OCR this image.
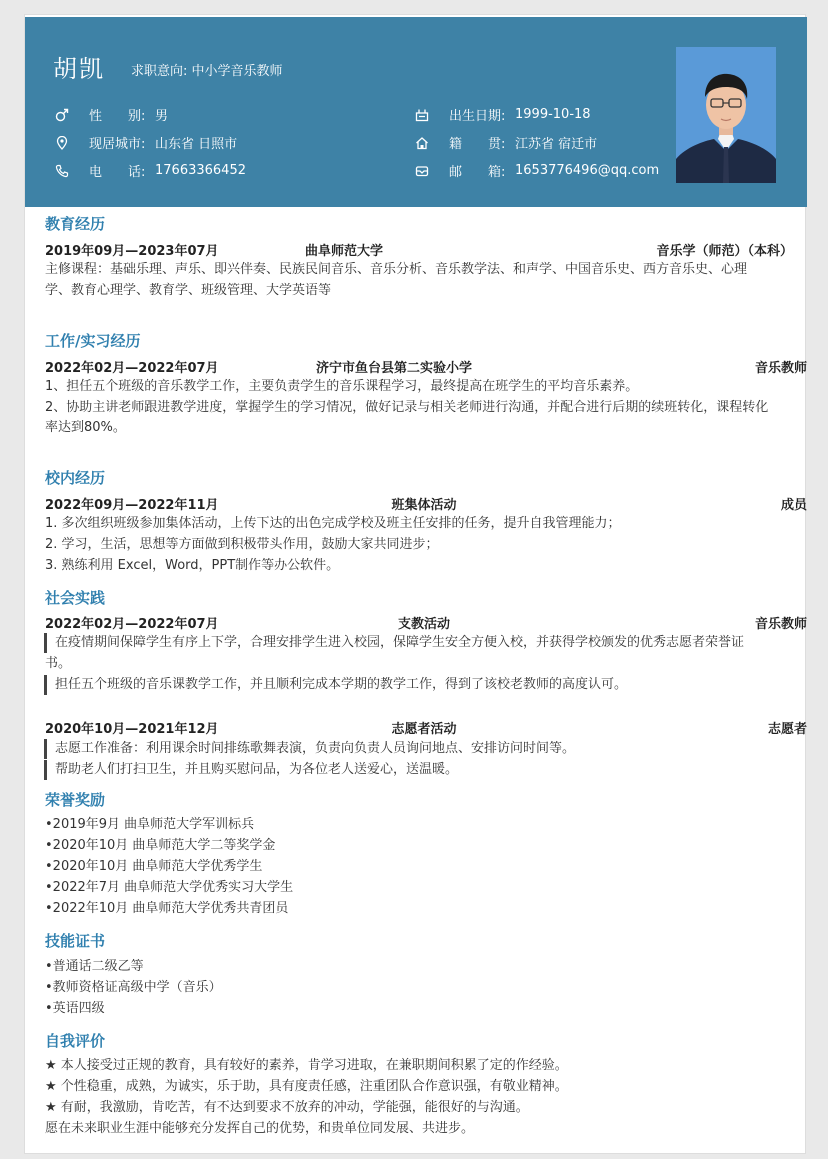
胡凯 求职意向: 中小学音乐教师
性　　别: 男
现居城市: 山东省 日照市
电　　话: 17663366452
出生日期: 1999-10-18
籍　　贯: 江苏省 宿迁市
邮　　箱: 1653776496@qq.com
教育经历
2019年09月—2023年07月	曲阜师范大学	音乐学（师范）（本科）
主修课程：基础乐理、声乐、即兴伴奏、民族民间音乐、音乐分析、音乐教学法、和声学、中国音乐史、西方音乐史、心理
学、教育心理学、教育学、班级管理、大学英语等
工作/实习经历
2022年02月—2022年07月	济宁市鱼台县第二实验小学	音乐教师
1、担任五个班级的音乐教学工作，主要负责学生的音乐课程学习，最终提高在班学生的平均音乐素养。
2、协助主讲老师跟进教学进度，掌握学生的学习情况，做好记录与相关老师进行沟通，并配合进行后期的续班转化，课程转化
率达到80%。
校内经历
2022年09月—2022年11月	班集体活动	成员
1. 多次组织班级参加集体活动，上传下达的出色完成学校及班主任安排的任务，提升自我管理能力；
2. 学习，生活，思想等方面做到积极带头作用，鼓励大家共同进步；
3. 熟练利用 Excel，Word，PPT制作等办公软件。
社会实践
2022年02月—2022年07月	支教活动	音乐教师
在疫情期间保障学生有序上下学，合理安排学生进入校园，保障学生安全方便入校，并获得学校颁发的优秀志愿者荣誉证
书。
担任五个班级的音乐课教学工作，并且顺利完成本学期的教学工作，得到了该校老教师的高度认可。
2020年10月—2021年12月	志愿者活动	志愿者
志愿工作准备：利用课余时间排练歌舞表演，负责向负责人员询问地点、安排访问时间等。
帮助老人们打扫卫生，并且购买慰问品，为各位老人送爱心，送温暖。
荣誉奖励
•2019年9月 曲阜师范大学军训标兵
•2020年10月 曲阜师范大学二等奖学金
•2020年10月 曲阜师范大学优秀学生
•2022年7月 曲阜师范大学优秀实习大学生
•2022年10月 曲阜师范大学优秀共青团员
技能证书
•普通话二级乙等
•教师资格证高级中学（音乐）
•英语四级
自我评价
★ 本人接受过正规的教育，具有较好的素养，肯学习进取，在兼职期间积累了定的作经验。
★ 个性稳重，成熟，为诚实，乐于助，具有度责任感，注重团队合作意识强，有敬业精神。
★ 有耐，我激励，肯吃苦，有不达到要求不放弃的冲动，学能强，能很好的与沟通。
愿在未来职业生涯中能够充分发挥自己的优势，和贵单位同发展、共进步。
